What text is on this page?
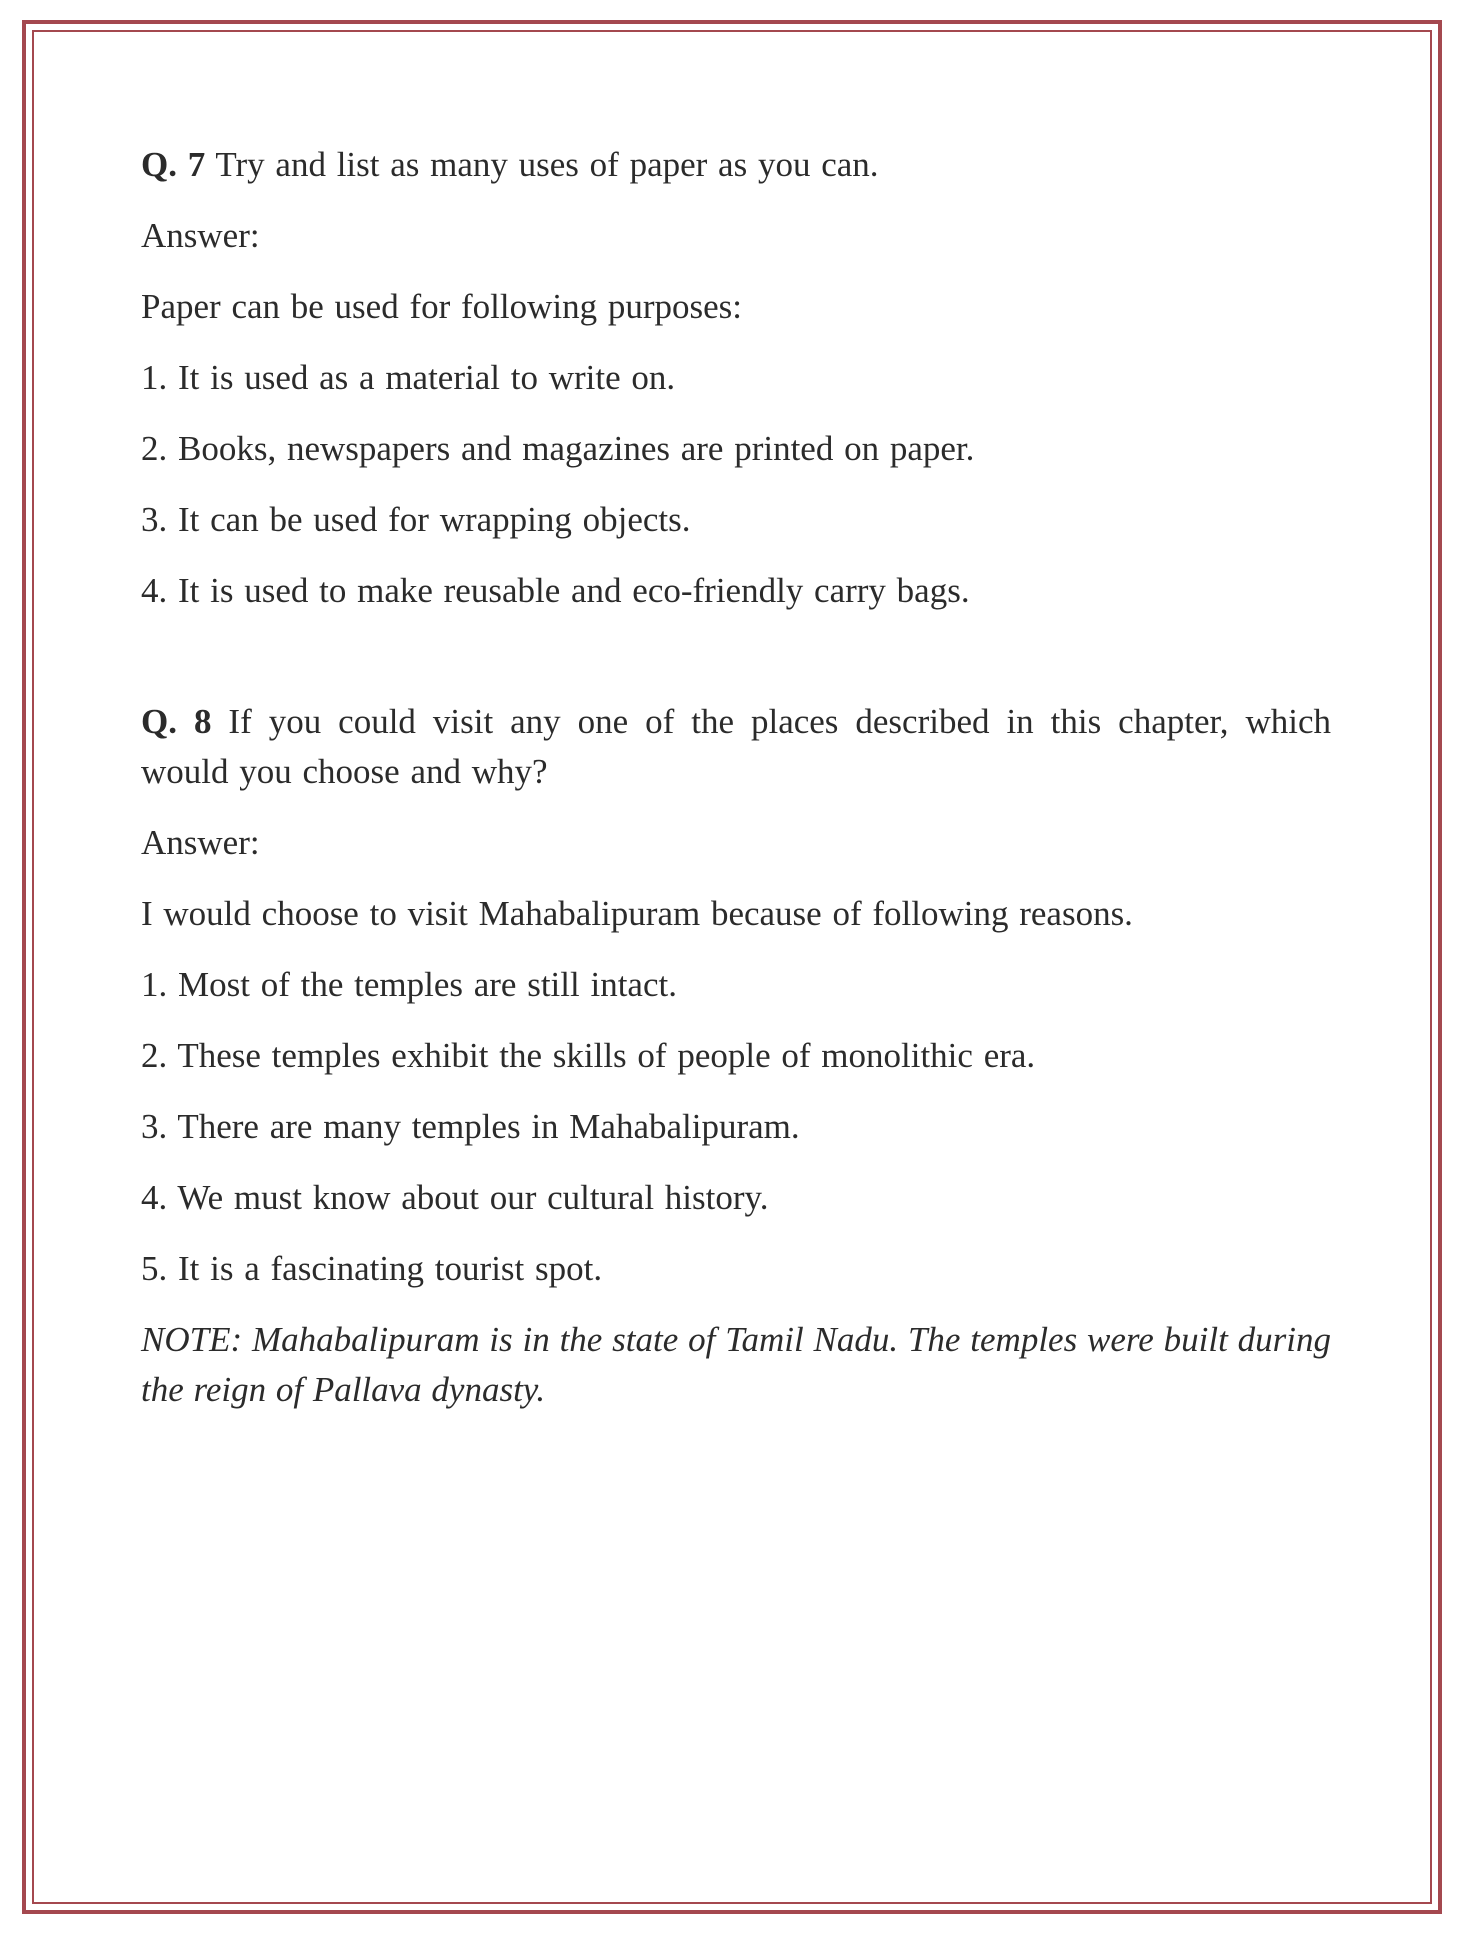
Q. 7 Try and list as many uses of paper as you can.
Answer:
Paper can be used for following purposes:
1. It is used as a material to write on.
2. Books, newspapers and magazines are printed on paper.
3. It can be used for wrapping objects.
4. It is used to make reusable and eco-friendly carry bags.
Q. 8 If you could visit any one of the places described in this chapter, which would you choose and why?
Answer:
I would choose to visit Mahabalipuram because of following reasons.
1. Most of the temples are still intact.
2. These temples exhibit the skills of people of monolithic era.
3. There are many temples in Mahabalipuram.
4. We must know about our cultural history.
5. It is a fascinating tourist spot.

NOTE: Mahabalipuram is in the state of Tamil Nadu. The temples were built during the reign of Pallava dynasty.
